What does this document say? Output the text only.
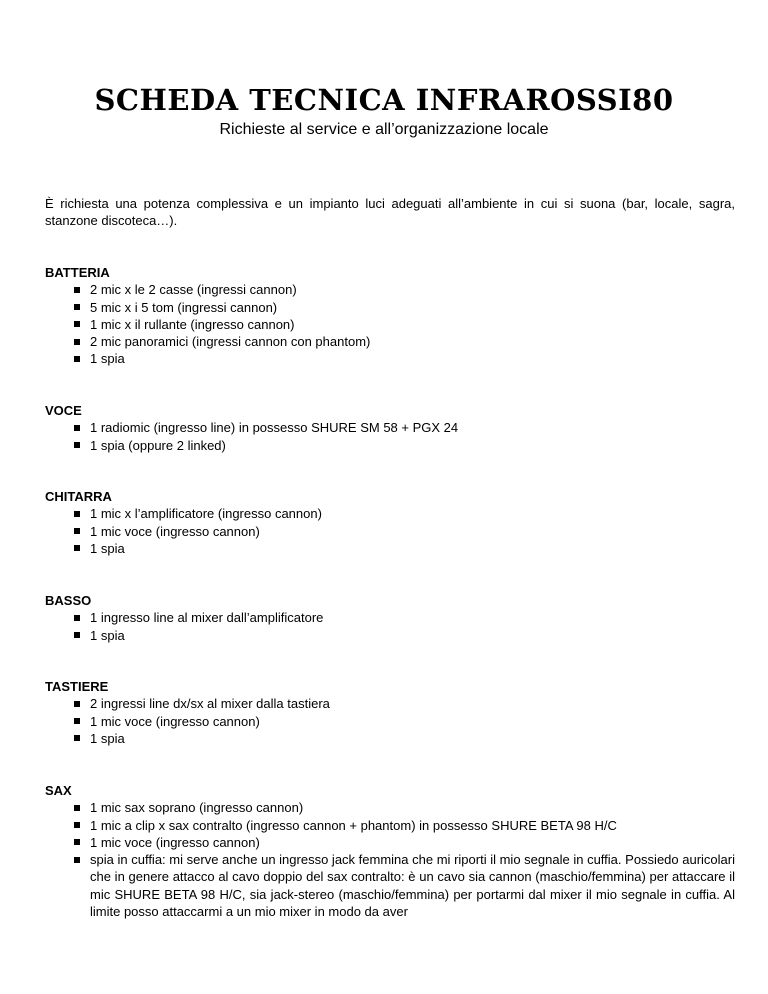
SCHEDA TECNICA INFRAROSSI80
Richieste al service e all’organizzazione locale
È richiesta una potenza complessiva e un impianto luci adeguati all’ambiente in cui si suona (bar, locale, sagra, stanzone discoteca…).
BATTERIA
2 mic x le 2 casse (ingressi cannon)
5 mic x i 5 tom (ingressi cannon)
1 mic x il rullante (ingresso cannon)
2 mic panoramici (ingressi cannon con phantom)
1 spia
VOCE
1 radiomic (ingresso line) in possesso SHURE SM 58 + PGX 24
1 spia (oppure 2 linked)
CHITARRA
1 mic x l’amplificatore (ingresso cannon)
1 mic voce (ingresso cannon)
1 spia
BASSO
1 ingresso line al mixer dall’amplificatore
1 spia
TASTIERE
2 ingressi line dx/sx al mixer dalla tastiera
1 mic voce (ingresso cannon)
1 spia
SAX
1 mic sax soprano (ingresso cannon)
1 mic a clip x sax contralto (ingresso cannon + phantom) in possesso SHURE BETA 98 H/C
1 mic voce (ingresso cannon)
spia in cuffia: mi serve anche un ingresso jack femmina che mi riporti il mio segnale in cuffia. Possiedo auricolari che in genere attacco al cavo doppio del sax contralto: è un cavo sia cannon (maschio/femmina) per attaccare il mic SHURE BETA 98 H/C, sia jack-stereo (maschio/femmina) per portarmi dal mixer il mio segnale in cuffia. Al limite posso attaccarmi a un mio mixer in modo da aver
